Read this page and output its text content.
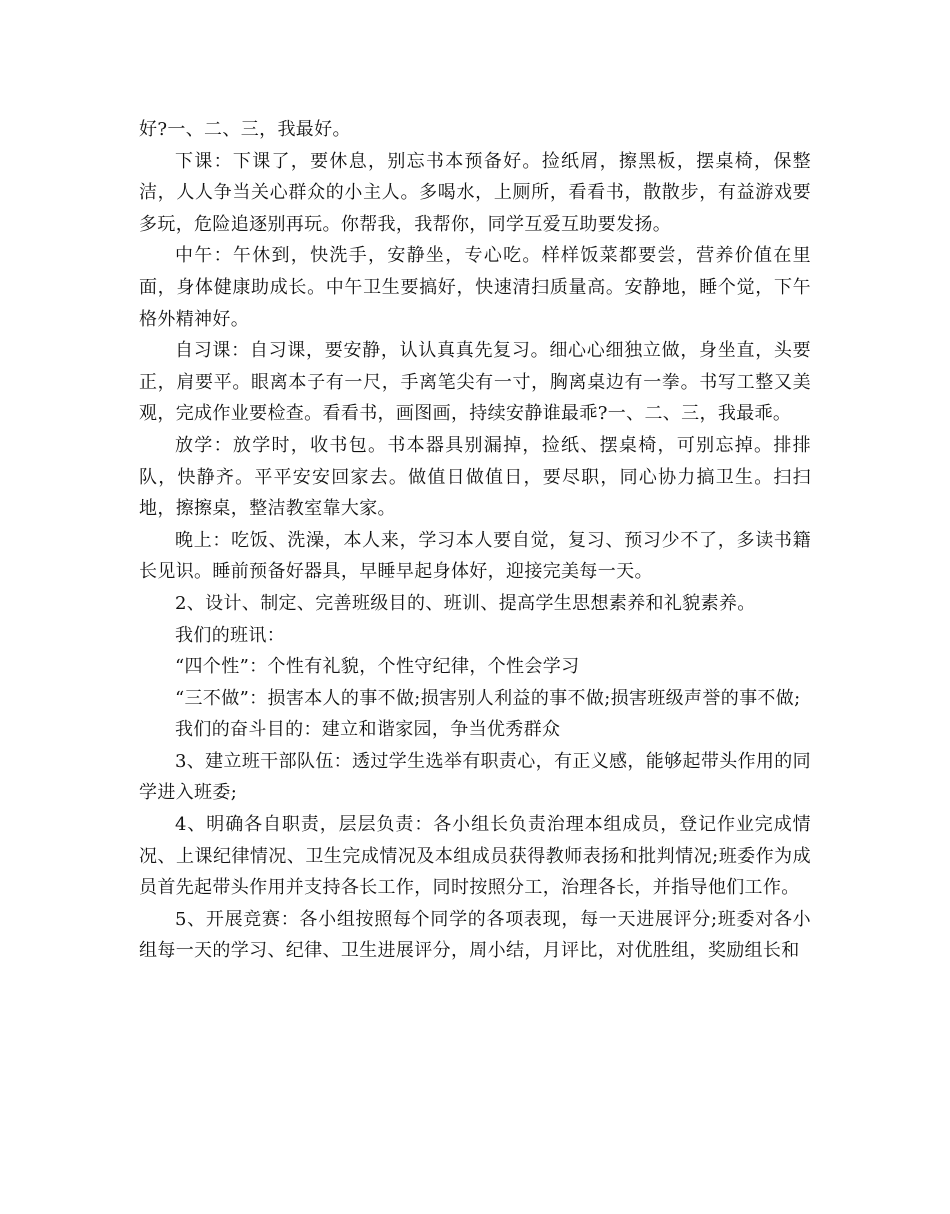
好?一、二、三，我最好。

下课：下课了，要休息，别忘书本预备好。捡纸屑，擦黑板，摆桌椅，保整洁，人人争当关心群众的小主人。多喝水，上厕所，看看书，散散步，有益游戏要多玩，危险追逐别再玩。你帮我，我帮你，同学互爱互助要发扬。

中午：午休到，快洗手，安静坐，专心吃。样样饭菜都要尝，营养价值在里面，身体健康助成长。中午卫生要搞好，快速清扫质量高。安静地，睡个觉，下午格外精神好。

自习课：自习课，要安静，认认真真先复习。细心心细独立做，身坐直，头要正，肩要平。眼离本子有一尺，手离笔尖有一寸，胸离桌边有一拳。书写工整又美观，完成作业要检查。看看书，画图画，持续安静谁最乖?一、二、三，我最乖。

放学：放学时，收书包。书本器具别漏掉，捡纸、摆桌椅，可别忘掉。排排队，快静齐。平平安安回家去。做值日做值日，要尽职，同心协力搞卫生。扫扫地，擦擦桌，整洁教室靠大家。

晚上：吃饭、洗澡，本人来，学习本人要自觉，复习、预习少不了，多读书籍长见识。睡前预备好器具，早睡早起身体好，迎接完美每一天。

2、设计、制定、完善班级目的、班训、提高学生思想素养和礼貌素养。

我们的班讯：

“四个性”：个性有礼貌，个性守纪律，个性会学习

“三不做”：损害本人的事不做;损害别人利益的事不做;损害班级声誉的事不做;

我们的奋斗目的：建立和谐家园，争当优秀群众

3、建立班干部队伍：透过学生选举有职责心，有正义感，能够起带头作用的同学进入班委;

4、明确各自职责，层层负责：各小组长负责治理本组成员，登记作业完成情况、上课纪律情况、卫生完成情况及本组成员获得教师表扬和批判情况;班委作为成员首先起带头作用并支持各长工作，同时按照分工，治理各长，并指导他们工作。

5、开展竞赛：各小组按照每个同学的各项表现，每一天进展评分;班委对各小组每一天的学习、纪律、卫生进展评分，周小结，月评比，对优胜组，奖励组长和
